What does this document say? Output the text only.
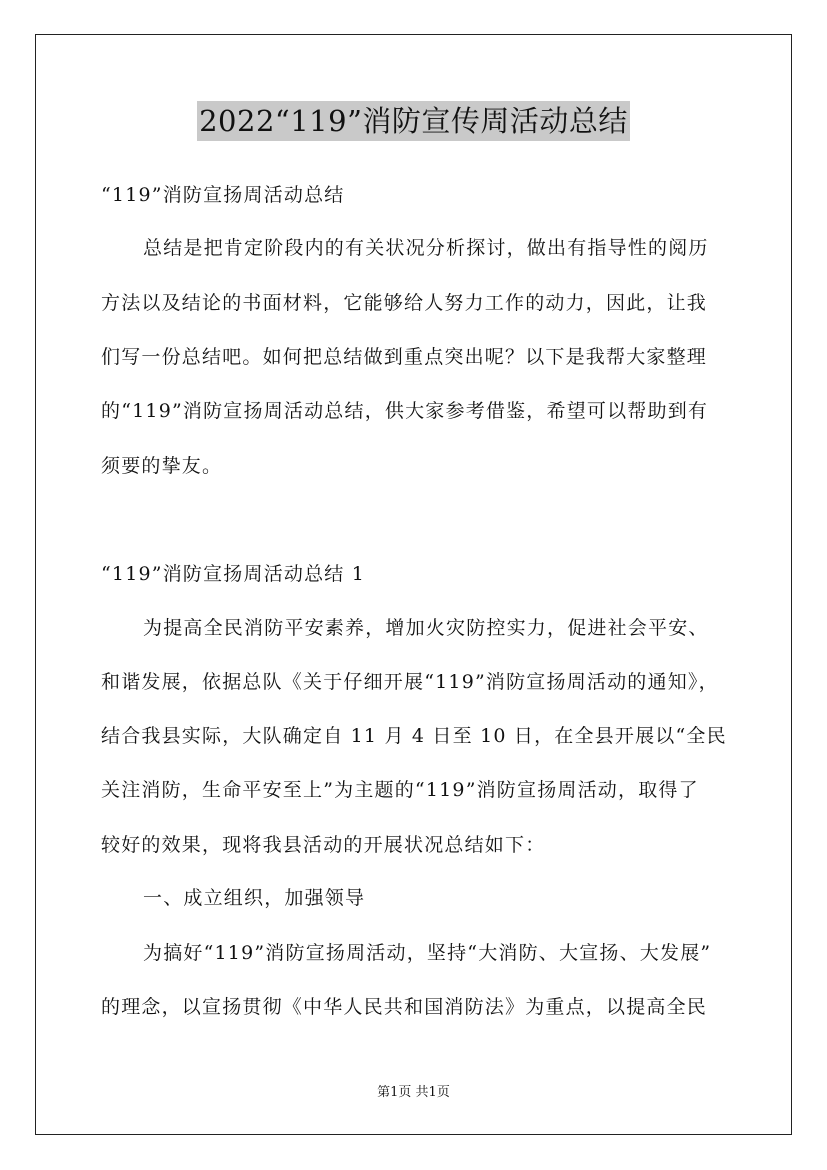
2022“119”消防宣传周活动总结
“119”消防宣扬周活动总结
总结是把肯定阶段内的有关状况分析探讨，做出有指导性的阅历
方法以及结论的书面材料，它能够给人努力工作的动力，因此，让我
们写一份总结吧。如何把总结做到重点突出呢？以下是我帮大家整理
的“119”消防宣扬周活动总结，供大家参考借鉴，希望可以帮助到有
须要的挚友。
“119”消防宣扬周活动总结 1
为提高全民消防平安素养，增加火灾防控实力，促进社会平安、
和谐发展，依据总队《关于仔细开展“119”消防宣扬周活动的通知》，
结合我县实际，大队确定自 11 月 4 日至 10 日，在全县开展以“全民
关注消防，生命平安至上”为主题的“119”消防宣扬周活动，取得了
较好的效果，现将我县活动的开展状况总结如下：
一、成立组织，加强领导
为搞好“119”消防宣扬周活动，坚持“大消防、大宣扬、大发展”
的理念，以宣扬贯彻《中华人民共和国消防法》为重点，以提高全民
第1页 共1页
